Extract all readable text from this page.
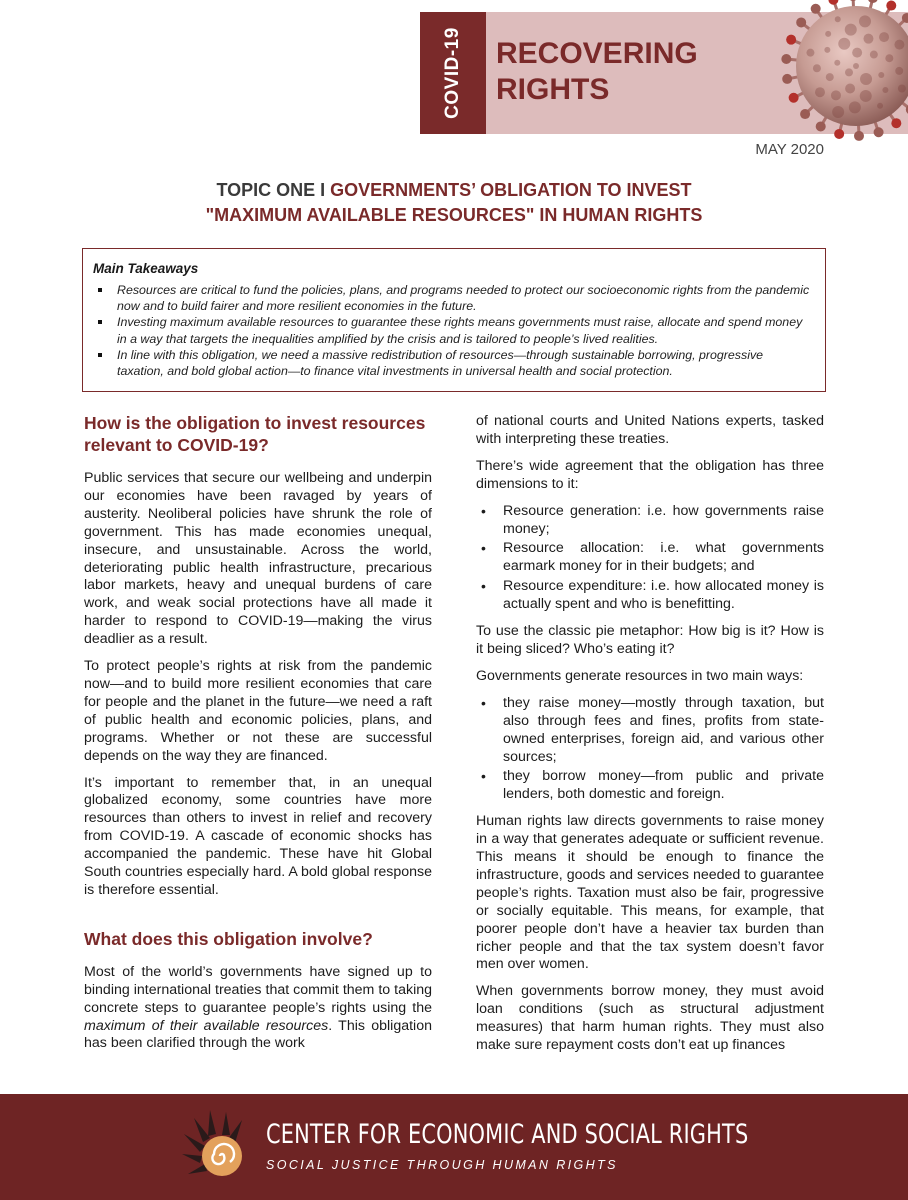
COVID-19 RECOVERING
RIGHTS
MAY 2020
TOPIC ONE I GOVERNMENTS’ OBLIGATION TO INVEST
"MAXIMUM AVAILABLE RESOURCES" IN HUMAN RIGHTS
Main Takeaways
Resources are critical to fund the policies, plans, and programs needed to protect our socioeconomic rights from the pandemic now and to build fairer and more resilient economies in the future.
Investing maximum available resources to guarantee these rights means governments must raise, allocate and spend money in a way that targets the inequalities amplified by the crisis and is tailored to people’s lived realities.
In line with this obligation, we need a massive redistribution of resources—through sustainable borrowing, progressive taxation, and bold global action—to finance vital investments in universal health and social protection.
How is the obligation to invest resources relevant to COVID-19?

Public services that secure our wellbeing and underpin our economies have been ravaged by years of austerity. Neoliberal policies have shrunk the role of government. This has made economies unequal, insecure, and unsustainable. Across the world, deteriorating public health infrastructure, precarious labor markets, heavy and unequal burdens of care work, and weak social protections have all made it harder to respond to COVID-19—making the virus deadlier as a result.

To protect people’s rights at risk from the pandemic now—and to build more resilient economies that care for people and the planet in the future—we need a raft of public health and economic policies, plans, and programs. Whether or not these are successful depends on the way they are financed.

It’s important to remember that, in an unequal globalized economy, some countries have more resources than others to invest in relief and recovery from COVID-19. A cascade of economic shocks has accompanied the pandemic. These have hit Global South countries especially hard. A bold global response is therefore essential.

What does this obligation involve?

Most of the world’s governments have signed up to binding international treaties that commit them to taking concrete steps to guarantee people’s rights using the maximum of their available resources. This obligation has been clarified through the work

of national courts and United Nations experts, tasked with interpreting these treaties.

There’s wide agreement that the obligation has three dimensions to it:

• Resource generation: i.e. how governments raise money;
• Resource allocation: i.e. what governments earmark money for in their budgets; and
• Resource expenditure: i.e. how allocated money is actually spent and who is benefitting.

To use the classic pie metaphor: How big is it? How is it being sliced? Who’s eating it?

Governments generate resources in two main ways:

• they raise money—mostly through taxation, but also through fees and fines, profits from state-owned enterprises, foreign aid, and various other sources;
• they borrow money—from public and private lenders, both domestic and foreign.

Human rights law directs governments to raise money in a way that generates adequate or sufficient revenue. This means it should be enough to finance the infrastructure, goods and services needed to guarantee people’s rights. Taxation must also be fair, progressive or socially equitable. This means, for example, that poorer people don’t have a heavier tax burden than richer people and that the tax system doesn’t favor men over women.

When governments borrow money, they must avoid loan conditions (such as structural adjustment measures) that harm human rights. They must also make sure repayment costs don’t eat up finances

CENTER FOR ECONOMIC AND SOCIAL RIGHTS
SOCIAL JUSTICE THROUGH HUMAN RIGHTS
